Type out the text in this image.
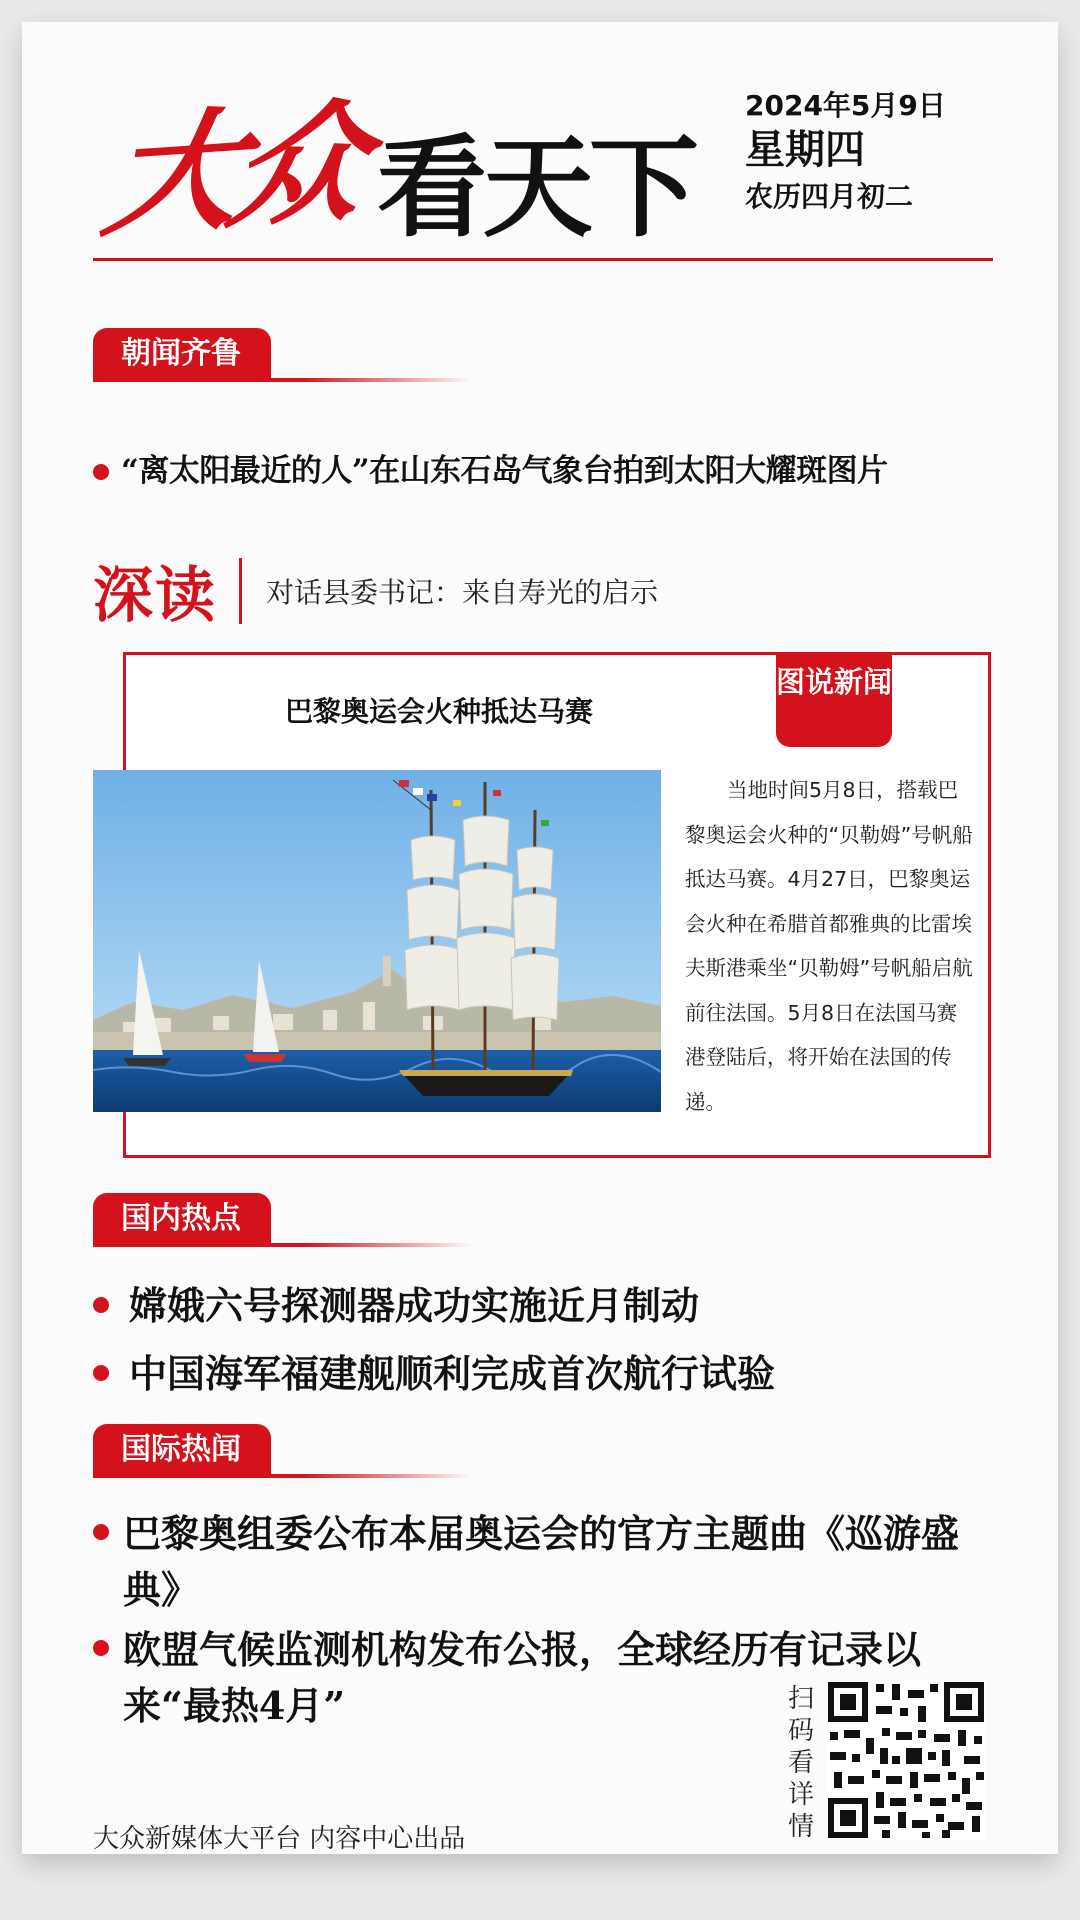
大众 看天下
2024年5月9日
星期四
农历四月初二
朝闻齐鲁
“离太阳最近的人”在山东石岛气象台拍到太阳大耀斑图片
深读 对话县委书记：来自寿光的启示
巴黎奥运会火种抵达马赛
图说新闻
当地时间5月8日，搭载巴黎奥运会火种的“贝勒姆”号帆船抵达马赛。4月27日，巴黎奥运会火种在希腊首都雅典的比雷埃夫斯港乘坐“贝勒姆”号帆船启航前往法国。5月8日在法国马赛港登陆后，将开始在法国的传递。
国内热点
嫦娥六号探测器成功实施近月制动
中国海军福建舰顺利完成首次航行试验
国际热闻
巴黎奥组委公布本届奥运会的官方主题曲《巡游盛典》
欧盟气候监测机构发布公报，全球经历有记录以来“最热4月”	扫码看详情
大众新媒体大平台 内容中心出品
